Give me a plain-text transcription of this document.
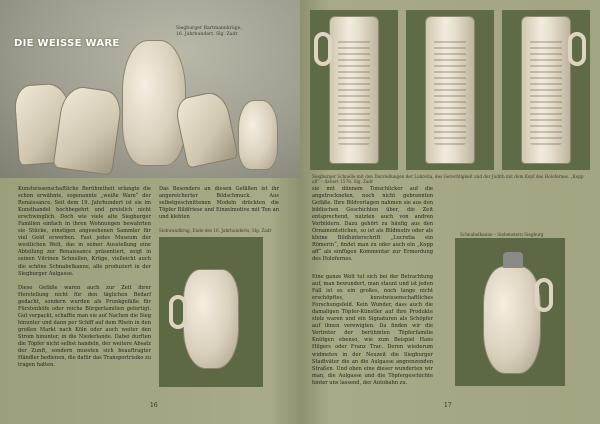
DIE WEISSE WARE
Siegburger Bartmannkrüge, 16. Jahrhundert. Slg. Zadr

Kunstwissenschaftliche Berühmtheit erlangte die schon erwähnte, sogenannte „weiße Ware“ der Renaissance. Seit dem 19. Jahrhundert ist sie im Kunsthandel hochbegehrt und preislich nicht erschwinglich. Doch wie viele alte Siegburger Familien einfach in ihren Wohnungen bewahrten sie Stücke, einstigen angesehenen Sammler für viel Geld erwerben. Fast jedes Museum der westlichen Welt, das in seiner Ausstellung eine Abteilung zur Renaissance präsentiert, zeigt in seinen Vitrinen Schnellen, Krüge, vielleicht auch die schöne Schnabelkanne, alle produziert in der Siegburger Aulgasse.

Diese Gefäße waren auch zur Zeit ihrer Herstellung nicht für den täglichen Bedarf gedacht, sondern wurden als Prunkgefäße für Fürstenhöfe oder reiche Bürgerfamilien gefertigt. Gut verpackt, schaffte man sie auf Nachen die Sieg hinunter und dann per Schiff auf dem Rhein in den großen Markt nach Köln oder auch weiter den Strom hinunter, in die Niederlande. Dabei durften die Töpfer nicht selbst handeln, der weitere Absatz der Zunft, sondern mussten sich beauftragter Händler bedienen, die dafür das Transportrisiko zu tragen hatten.

Das Besondere an diesen Gefäßen ist ihr angereicherter Bildschmuck. Aus selbstgeschnittenen Modeln drückten die Töpfer Bildfriese und Einzelmotive mit Ton an und klebten

Siebwandkrug, Ende des 16. Jahrhunderts, Slg. Zadr
16
Siegburger Schnelle mit den Darstellungen der Lukretia, des Gerechtigkeit und der Judith mit dem Kopf des Holofernes. „Kopp aff“ – datiert 1578. Slg. Zadr

sie mit dünnem Tonschlicker auf die angetrockneten, noch nicht gebrannten Gefäße. Ihre Bildvorlagen nahmen sie aus den biblischen Geschichten über, die Zeit entsprechend, nutzten auch von andren Vorbildern. Dazu gehört zu häufig aus den Ornamentstichen, so ist als Bildmotiv oder als kleine Bildhinterschrift „Lucretia ein Römerin“, findet man zu oder auch ein „Kopp aff“ als einfügen Kommentar zur Ermordung des Holofernes.

Eine ganze Welt tut sich bei der Betrachtung auf, man bewundert, man staunt und ist jeden Fall ist es ein großes, noch lange nicht erschöpftes, kunstwissenschaftliches Forschungsfeld. Kein Wunder, dass auch die damaligen Töpfer-Künstler auf ihre Produkte stolz waren und ein Signaturen als Schöpfer auf ihnen verewigten. Da finden wir die Vertreter der berühmten Töpferfamilie Knütgen ebenso, wie zum Beispiel Hans Hilgers oder Franz Trac. Deren wiederum widmeten in der Neuzeit die Siegburger Stadtväter die an die Aulgasse angrenzenden Straßen. Und oben eine dieser wunderten wir man, die Aulgasse und die Töpfergeschichte hinter uns lassend, der Autobahn zu.

Schnabelkanne – Siebenstern Siegburg
17
